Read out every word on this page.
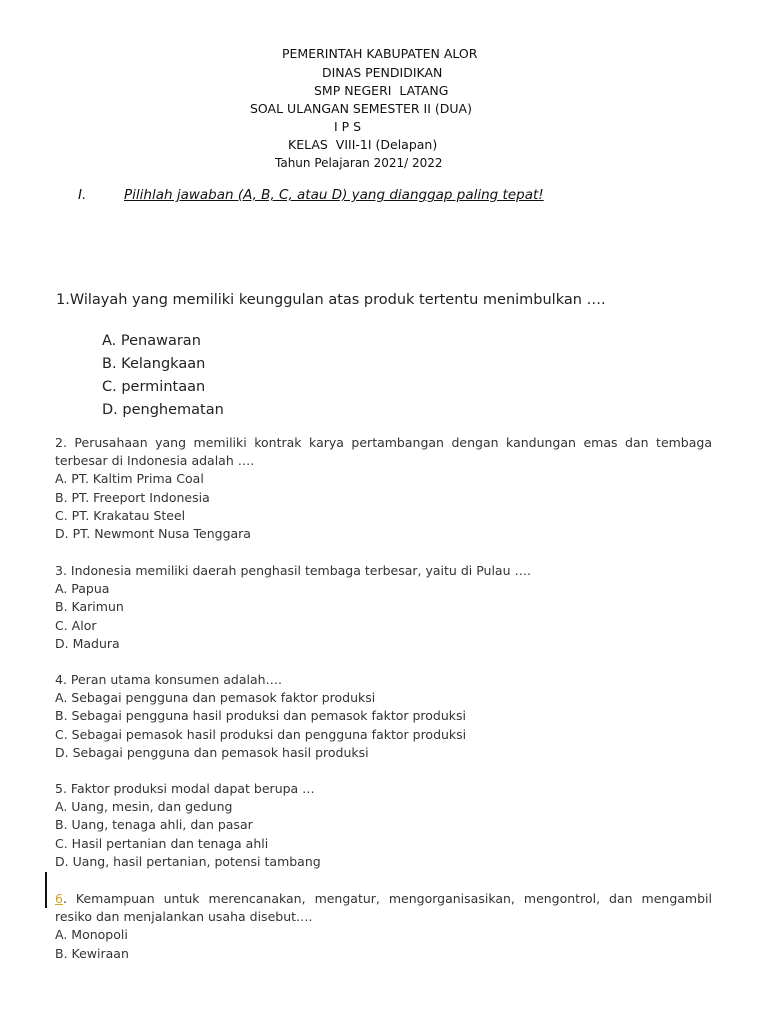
PEMERINTAH KABUPATEN ALOR

DINAS PENDIDIKAN

SMP NEGERI  LATANG

SOAL ULANGAN SEMESTER II (DUA)

I P S

KELAS  VIII-1I (Delapan)

Tahun Pelajaran 2021/ 2022

I.	Pilihlah jawaban (A, B, C, atau D) yang dianggap paling tepat!
1.Wilayah yang memiliki keunggulan atas produk tertentu menimbulkan ….
A. Penawaran
B. Kelangkaan
C. permintaan
D. penghematan

2. Perusahaan yang memiliki kontrak karya pertambangan dengan kandungan emas dan tembaga terbesar di Indonesia adalah ….

A. PT. Kaltim Prima Coal

B. PT. Freeport Indonesia

C. PT. Krakatau Steel

D. PT. Newmont Nusa Tenggara

3. Indonesia memiliki daerah penghasil tembaga terbesar, yaitu di Pulau ….

A. Papua

B. Karimun

C. Alor

D. Madura

4. Peran utama konsumen adalah….

A. Sebagai pengguna dan pemasok faktor produksi

B. Sebagai pengguna hasil produksi dan pemasok faktor produksi

C. Sebagai pemasok hasil produksi dan pengguna faktor produksi

D. Sebagai pengguna dan pemasok hasil produksi

5. Faktor produksi modal dapat berupa …

A. Uang, mesin, dan gedung

B. Uang, tenaga ahli, dan pasar

C. Hasil pertanian dan tenaga ahli

D. Uang, hasil pertanian, potensi tambang

6. Kemampuan untuk merencanakan, mengatur, mengorganisasikan, mengontrol, dan mengambil resiko dan menjalankan usaha disebut….

A. Monopoli

B. Kewiraan
